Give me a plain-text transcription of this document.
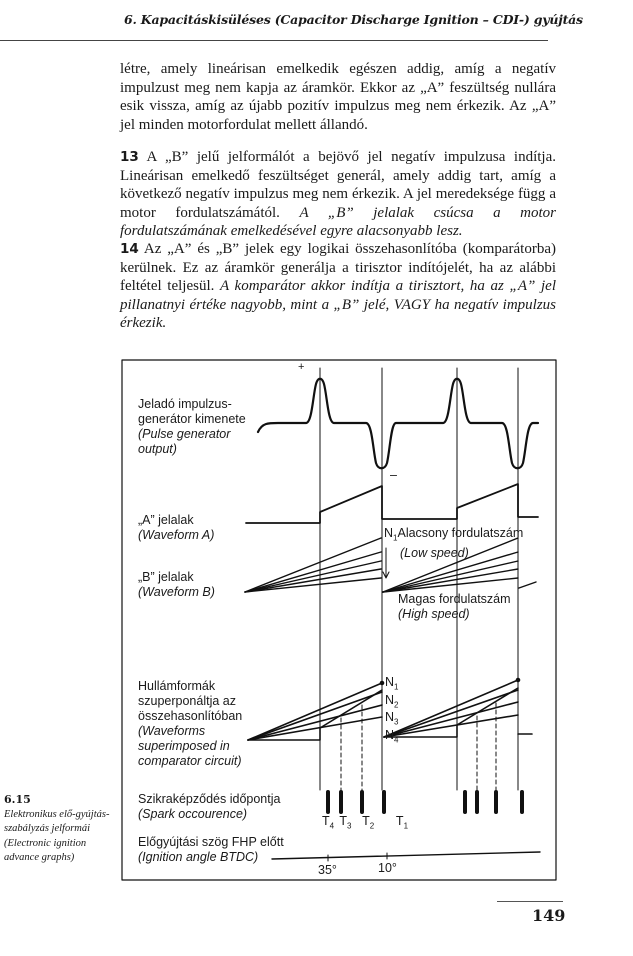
6. Kapacitáskisüléses (Capacitor Discharge Ignition – CDI-) gyújtás
létre, amely lineárisan emelkedik egészen addig, amíg a negatív impulzust meg nem kapja az áramkör. Ekkor az „A” feszültség nullára esik vissza, amíg az újabb pozitív impulzus meg nem érkezik. Az „A” jel minden motorfordulat mellett állandó.
13 A „B” jelű jelformálót a bejövő jel negatív impulzusa indítja. Lineárisan emelkedő feszültséget generál, amely addig tart, amíg a következő negatív impulzus meg nem érkezik. A jel meredeksége függ a motor fordulatszámától. A „B” jelalak csúcsa a motor fordulatszámának emelkedésével egyre alacsonyabb lesz.
14 Az „A” és „B” jelek egy logikai összehasonlítóba (komparátorba) kerülnek. Ez az áramkör generálja a tirisztor indítójelét, ha az alábbi feltétel teljesül. A komparátor akkor indítja a tirisztort, ha az „A” jel pillanatnyi értéke nagyobb, mint a „B” jelé, VAGY ha negatív impulzus érkezik.
+
–
Jeladó impulzus-
generátor kimenete
(Pulse generator
output)
„A” jelalak
(Waveform A)
„B” jelalak
(Waveform B)
$N_1Alacsony$ fordulatszám
(Low speed)
Magas fordulatszám
(High speed)
$N_1$
$N_2$
$N_3$
$N_4$
Hullámformák
szuperponáltja az
összehasonlítóban
(Waveforms
superimposed in
comparator circuit)
Szikraképződés időpontja
(Spark occourence)	$T_4$ $T_3$  $T_2$    $T_1$
Előgyújtási szög FHP előtt
(Ignition angle BTDC)
35°	10°
6.15
Elektronikus elő-gyújtás-szabályzás jelformái
(Electronic ignition advance graphs)
149
